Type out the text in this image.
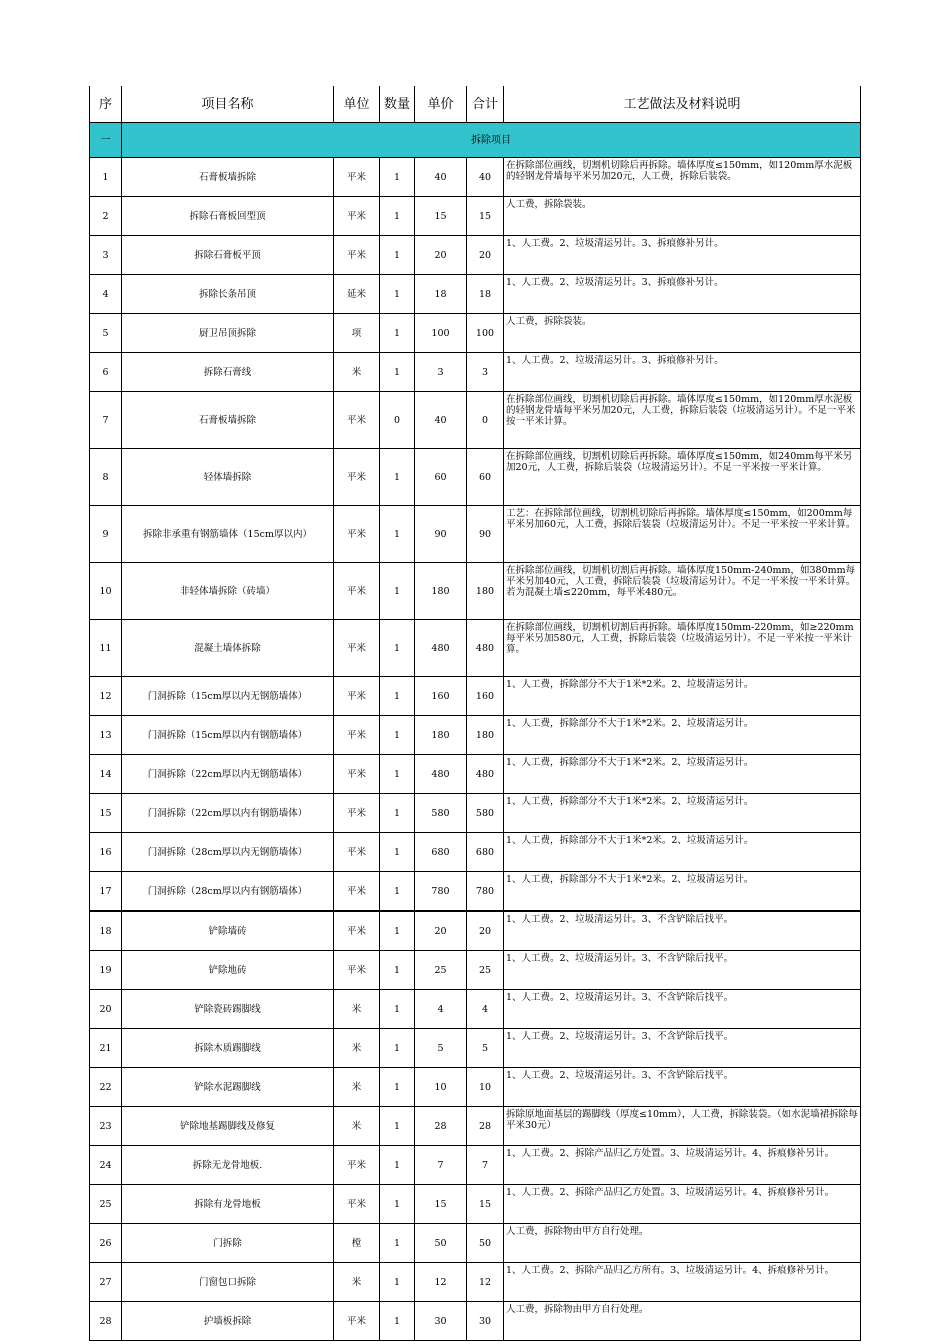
序	项目名称	单位	数量	单价	合计	工艺做法及材料说明
一	拆除项目					
1	石膏板墙拆除	平米	1	40	40	在拆除部位画线，切割机切除后再拆除。墙体厚度≤150mm，如120mm厚水泥板的轻钢龙骨墙每平米另加20元，人工费，拆除后装袋。
2	拆除石膏板回型顶	平米	1	15	15	人工费，拆除袋装。
3	拆除石膏板平顶	平米	1	20	20	1、人工费。2、垃圾清运另计。3、拆痕修补另计。
4	拆除长条吊顶	延米	1	18	18	1、人工费。2、垃圾清运另计。3、拆痕修补另计。
5	厨卫吊顶拆除	项	1	100	100	人工费，拆除袋装。
6	拆除石膏线	米	1	3	3	1、人工费。2、垃圾清运另计。3、拆痕修补另计。
7	石膏板墙拆除	平米	0	40	0	在拆除部位画线，切割机切除后再拆除。墙体厚度≤150mm，如120mm厚水泥板的轻钢龙骨墙每平米另加20元，人工费，拆除后装袋（垃圾清运另计）。不足一平米按一平米计算。
8	轻体墙拆除	平米	1	60	60	在拆除部位画线，切割机切除后再拆除。墙体厚度≤150mm，如240mm每平米另加20元，人工费，拆除后装袋（垃圾清运另计）。不足一平米按一平米计算。
9	拆除非承重有钢筋墙体（15cm厚以内）	平米	1	90	90	工艺：在拆除部位画线，切割机切除后再拆除。墙体厚度≤150mm，如200mm每平米另加60元，人工费，拆除后装袋（垃圾清运另计）。不足一平米按一平米计算。
10	非轻体墙拆除（砖墙）	平米	1	180	180	在拆除部位画线，切割机切割后再拆除。墙体厚度150mm-240mm，如380mm每平米另加40元，人工费，拆除后装袋（垃圾清运另计）。不足一平米按一平米计算。若为混凝土墙≤220mm，每平米480元。
11	混凝土墙体拆除	平米	1	480	480	在拆除部位画线，切割机切割后再拆除。墙体厚度150mm-220mm，如≥220mm每平米另加580元，人工费，拆除后装袋（垃圾清运另计）。不足一平米按一平米计算。
12	门洞拆除（15cm厚以内无钢筋墙体）	平米	1	160	160	1、人工费，拆除部分不大于1米*2米。2、垃圾清运另计。
13	门洞拆除（15cm厚以内有钢筋墙体）	平米	1	180	180	1、人工费，拆除部分不大于1米*2米。2、垃圾清运另计。
14	门洞拆除（22cm厚以内无钢筋墙体）	平米	1	480	480	1、人工费，拆除部分不大于1米*2米。2、垃圾清运另计。
15	门洞拆除（22cm厚以内有钢筋墙体）	平米	1	580	580	1、人工费，拆除部分不大于1米*2米。2、垃圾清运另计。
16	门洞拆除（28cm厚以内无钢筋墙体）	平米	1	680	680	1、人工费，拆除部分不大于1米*2米。2、垃圾清运另计。
17	门洞拆除（28cm厚以内有钢筋墙体）	平米	1	780	780	1、人工费，拆除部分不大于1米*2米。2、垃圾清运另计。
18	铲除墙砖	平米	1	20	20	1、人工费。2、垃圾清运另计。3、不含铲除后找平。
19	铲除地砖	平米	1	25	25	1、人工费。2、垃圾清运另计。3、不含铲除后找平。
20	铲除瓷砖踢脚线	米	1	4	4	1、人工费。2、垃圾清运另计。3、不含铲除后找平。
21	拆除木质踢脚线	米	1	5	5	1、人工费。2、垃圾清运另计。3、不含铲除后找平。
22	铲除水泥踢脚线	米	1	10	10	1、人工费。2、垃圾清运另计。3、不含铲除后找平。
23	铲除地基踢脚线及修复	米	1	28	28	拆除原地面基层的踢脚线（厚度≤10mm），人工费，拆除装袋。（如水泥墙裙拆除每平米30元）
24	拆除无龙骨地板.	平米	1	7	7	1、人工费。2、拆除产品归乙方处置。3、垃圾清运另计。4、拆痕修补另计。
25	拆除有龙骨地板	平米	1	15	15	1、人工费。2、拆除产品归乙方处置。3、垃圾清运另计。4、拆痕修补另计。
26	门拆除	樘	1	50	50	人工费，拆除物由甲方自行处理。
27	门窗包口拆除	米	1	12	12	1、人工费。2、拆除产品归乙方所有。3、垃圾清运另计。4、拆痕修补另计。
28	护墙板拆除	平米	1	30	30	人工费，拆除物由甲方自行处理。
